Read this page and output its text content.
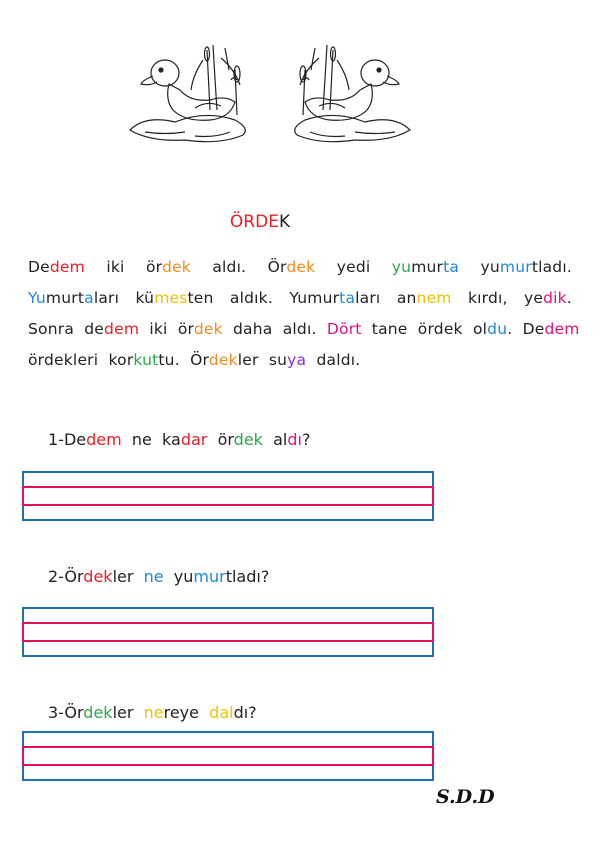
ÖRDEK
Dedem  iki  ördek  aldı.  Ördek  yedi  yumurta  yumurtladı. Yumurtaları  kümesten  aldık.  Yumurtaları  annem  kırdı,  yedik. Sonra  dedem  iki  ördek  daha  aldı.  Dört  tane  ördek  oldu.  Dedem ördekleri  korkuttu.  Ördekler  suya  daldı.
1-Dedem  ne  kadar  ördek  aldı?
2-Ördekler  ne  yumurtladı?
3-Ördekler  nereye  daldı?
S.D.D
